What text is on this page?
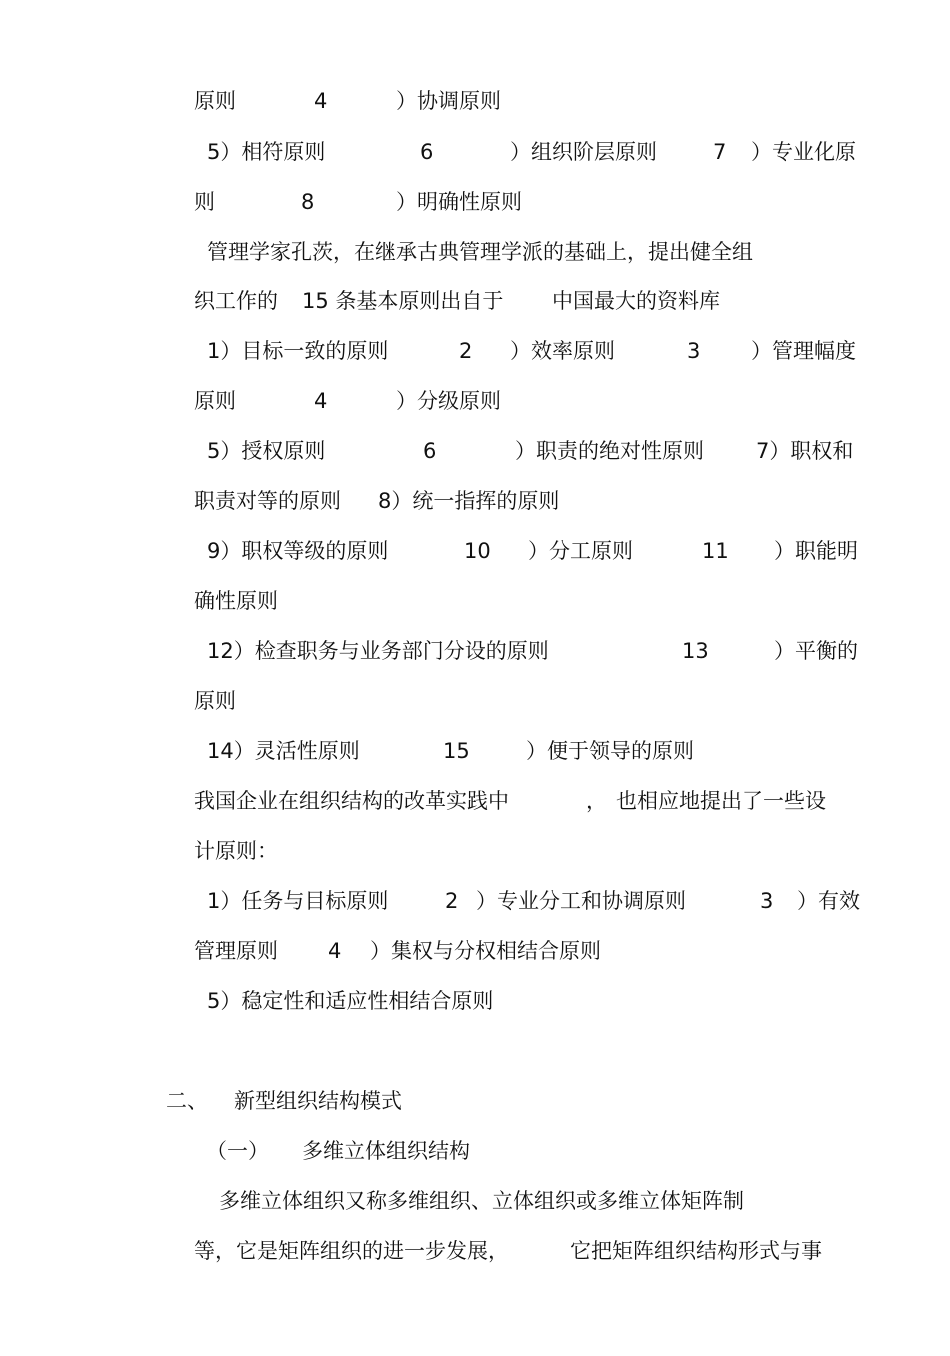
原则

	4

	）协调原则

5）相符原则

	6

	）组织阶层原则

	7

）专业化原

则

	8

	）明确性原则

管理学家孔茨，在继承古典管理学派的基础上，提出健全组

织工作的

15 条基本原则出自于

中国最大的资料库

1）目标一致的原则

	2

）效率原则

	3

）管理幅度

原则

	4

	）分级原则

5）授权原则

	6

	）职责的绝对性原则

7）职权和

职责对等的原则

8）统一指挥的原则

9）职权等级的原则

	10

）分工原则

	11

）职能明

确性原则

12）检查职务与业务部门分设的原则

	13

	）平衡的

原则

14）灵活性原则

	15

	）便于领导的原则

我国企业在组织结构的改革实践中

	，

也相应地提出了一些设

计原则：

1）任务与目标原则

	2

）专业分工和协调原则

	3

）有效

管理原则

4

）集权与分权相结合原则

5）稳定性和适应性相结合原则

二、

新型组织结构模式

（一）

多维立体组织结构

多维立体组织又称多维组织、立体组织或多维立体矩阵制

等，它是矩阵组织的进一步发展，

	它把矩阵组织结构形式与事
